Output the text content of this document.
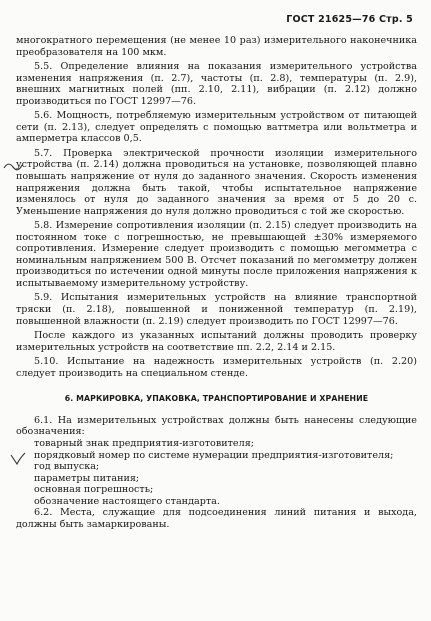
ГОСТ 21625—76 Стр. 5

многократного перемещения (не менее 10 раз) измерительного наконечника преобразователя на 100 мкм.

5.5. Определение влияния на показания измерительного устройства изменения напряжения (п. 2.7), частоты (п. 2.8), температуры (п. 2.9), внешних магнитных полей (пп. 2.10, 2.11), вибрации (п. 2.12) должно производиться по ГОСТ 12997—76.

5.6. Мощность, потребляемую измерительным устройством от питающей сети (п. 2.13), следует определять с помощью ваттметра или вольтметра и амперметра классов 0,5.

5.7. Проверка электрической прочности изоляции измерительного устройства (п. 2.14) должна проводиться на установке, позволяющей плавно повышать напряжение от нуля до заданного значения. Скорость изменения напряжения должна быть такой, чтобы испытательное напряжение изменялось от нуля до заданного значения за время от 5 до 20 с. Уменьшение напряжения до нуля должно проводиться с той же скоростью.

5.8. Измерение сопротивления изоляции (п. 2.15) следует производить на постоянном токе с погрешностью, не превышающей ±30% измеряемого сопротивления. Измерение следует производить с помощью мегомметра с номинальным напряжением 500 В. Отсчет показаний по мегомметру должен производиться по истечении одной минуты после приложения напряжения к испытываемому измерительному устройству.

5.9. Испытания измерительных устройств на влияние транспортной тряски (п. 2.18), повышенной и пониженной температур (п. 2.19), повышенной влажности (п. 2.19) следует производить по ГОСТ 12997—76.

После каждого из указанных испытаний должны проводить проверку измерительных устройств на соответствие пп. 2.2, 2.14 и 2.15.

5.10. Испытание на надежность измерительных устройств (п. 2.20) следует производить на специальном стенде.

6. МАРКИРОВКА, УПАКОВКА, ТРАНСПОРТИРОВАНИЕ И ХРАНЕНИЕ

6.1. На измерительных устройствах должны быть нанесены следующие обозначения:

товарный знак предприятия-изготовителя;

порядковый номер по системе нумерации предприятия-изготовителя;

год выпуска;

параметры питания;

основная погрешность;

обозначение настоящего стандарта.

6.2. Места, служащие для подсоединения линий питания и выхода, должны быть замаркированы.
